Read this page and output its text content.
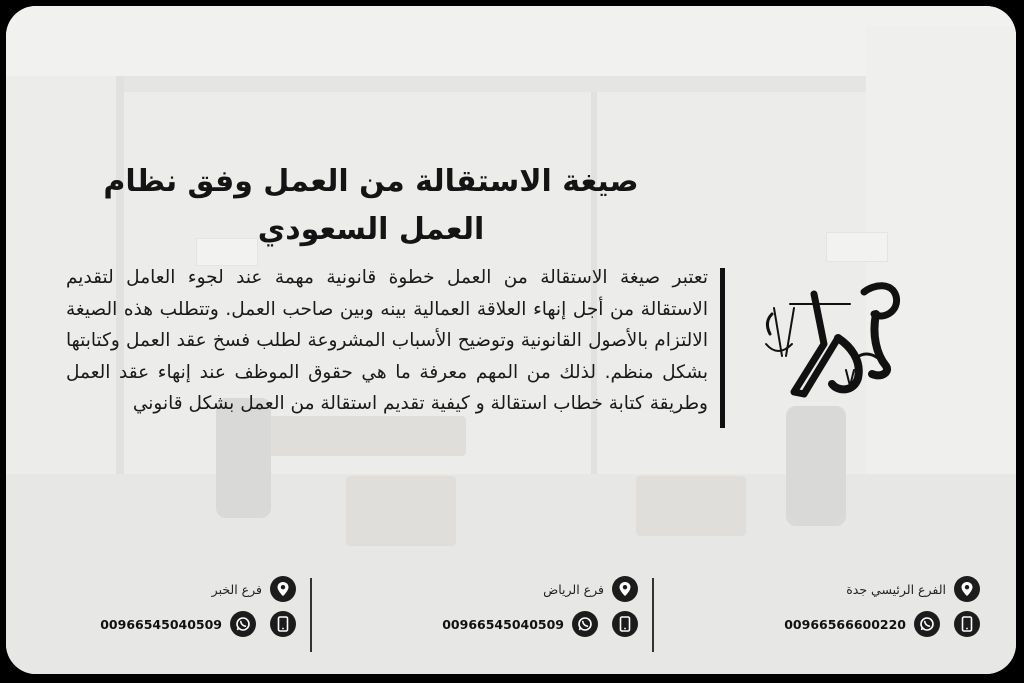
صيغة الاستقالة من العمل وفق نظام العمل السعودي
تعتبر صيغة الاستقالة من العمل خطوة قانونية مهمة عند لجوء العامل لتقديم الاستقالة من أجل إنهاء العلاقة العمالية بينه وبين صاحب العمل. وتتطلب هذه الصيغة الالتزام بالأصول القانونية وتوضيح الأسباب المشروعة لطلب فسخ عقد العمل وكتابتها بشكل منظم. لذلك من المهم معرفة ما هي حقوق الموظف عند إنهاء عقد العمل وطريقة كتابة خطاب استقالة و كيفية تقديم استقالة من العمل بشكل قانوني
الفرع الرئيسي جدة
00966566600220
فرع الرياض
00966545040509
فرع الخبر
00966545040509
